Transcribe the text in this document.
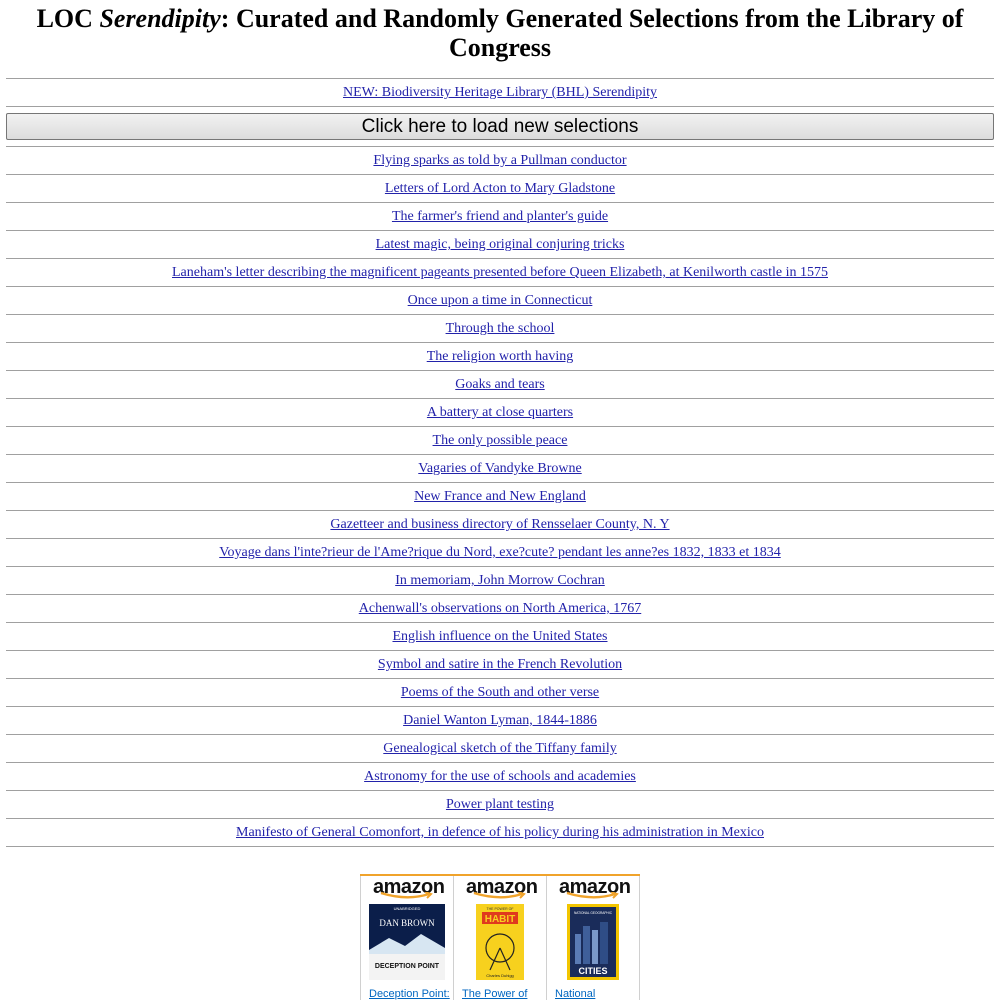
LOC Serendipity: Curated and Randomly Generated Selections from the Library of Congress
NEW: Biodiversity Heritage Library (BHL) Serendipity
Click here to load new selections
Flying sparks as told by a Pullman conductor
Letters of Lord Acton to Mary Gladstone
The farmer's friend and planter's guide
Latest magic, being original conjuring tricks
Laneham's letter describing the magnificent pageants presented before Queen Elizabeth, at Kenilworth castle in 1575
Once upon a time in Connecticut
Through the school
The religion worth having
Goaks and tears
A battery at close quarters
The only possible peace
Vagaries of Vandyke Browne
New France and New England
Gazetteer and business directory of Rensselaer County, N. Y
Voyage dans l'inte?rieur de l'Ame?rique du Nord, exe?cute? pendant les anne?es 1832, 1833 et 1834
In memoriam, John Morrow Cochran
Achenwall's observations on North America, 1767
English influence on the United States
Symbol and satire in the French Revolution
Poems of the South and other verse
Daniel Wanton Lyman, 1844-1886
Genealogical sketch of the Tiffany family
Astronomy for the use of schools and academies
Power plant testing
Manifesto of General Comonfort, in defence of his policy during his administration in Mexico
amazon
UNABRIDGED
DAN BROWN
DECEPTION POINT
Deception Point:
amazon
THE POWER OF
HABIT
Charles Duhigg
The Power of
amazon
NATIONAL GEOGRAPHIC
CITIES
National
